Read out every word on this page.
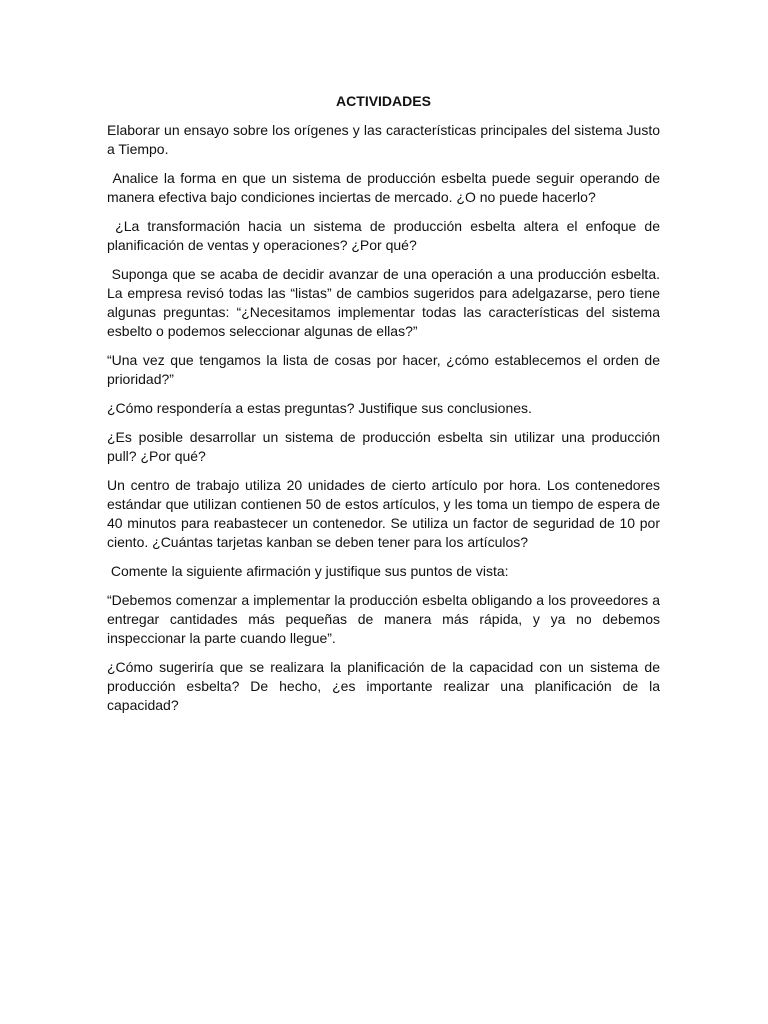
ACTIVIDADES

Elaborar un ensayo sobre los orígenes y las características principales del sistema Justo a Tiempo.

Analice la forma en que un sistema de producción esbelta puede seguir operando de manera efectiva bajo condiciones inciertas de mercado. ¿O no puede hacerlo?

¿La transformación hacia un sistema de producción esbelta altera el enfoque de planificación de ventas y operaciones? ¿Por qué?

Suponga que se acaba de decidir avanzar de una operación a una producción esbelta. La empresa revisó todas las “listas” de cambios sugeridos para adelgazarse, pero tiene algunas preguntas: “¿Necesitamos implementar todas las características del sistema esbelto o podemos seleccionar algunas de ellas?”

“Una vez que tengamos la lista de cosas por hacer, ¿cómo establecemos el orden de prioridad?”

¿Cómo respondería a estas preguntas? Justifique sus conclusiones.

¿Es posible desarrollar un sistema de producción esbelta sin utilizar una producción pull? ¿Por qué?

Un centro de trabajo utiliza 20 unidades de cierto artículo por hora. Los contenedores estándar que utilizan contienen 50 de estos artículos, y les toma un tiempo de espera de 40 minutos para reabastecer un contenedor. Se utiliza un factor de seguridad de 10 por ciento. ¿Cuántas tarjetas kanban se deben tener para los artículos?

Comente la siguiente afirmación y justifique sus puntos de vista:

“Debemos comenzar a implementar la producción esbelta obligando a los proveedores a entregar cantidades más pequeñas de manera más rápida, y ya no debemos inspeccionar la parte cuando llegue”.

¿Cómo sugeriría que se realizara la planificación de la capacidad con un sistema de producción esbelta? De hecho, ¿es importante realizar una planificación de la capacidad?
